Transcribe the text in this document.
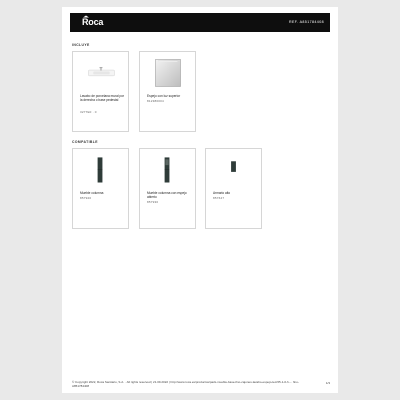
Roca	REF. A851784408
INCLUYE
Lavabo de porcelana mural por la derecha o base pedestal
3277E0 · 0
Espejo con luz superior
812380004
COMPATIBLE
Mueble columna
857920
Mueble columna con espejo abierto
857930
Armario alto
857647
© Copyright 2022, Roca Sanitario, S.A. · All rights reserved | 21.09.2022 | http://www.roca.es/productos/pack-mueble-base-fino-cajones-lavabo-espejo-led-55-1-0-h-... fino-A851784408
1/3
